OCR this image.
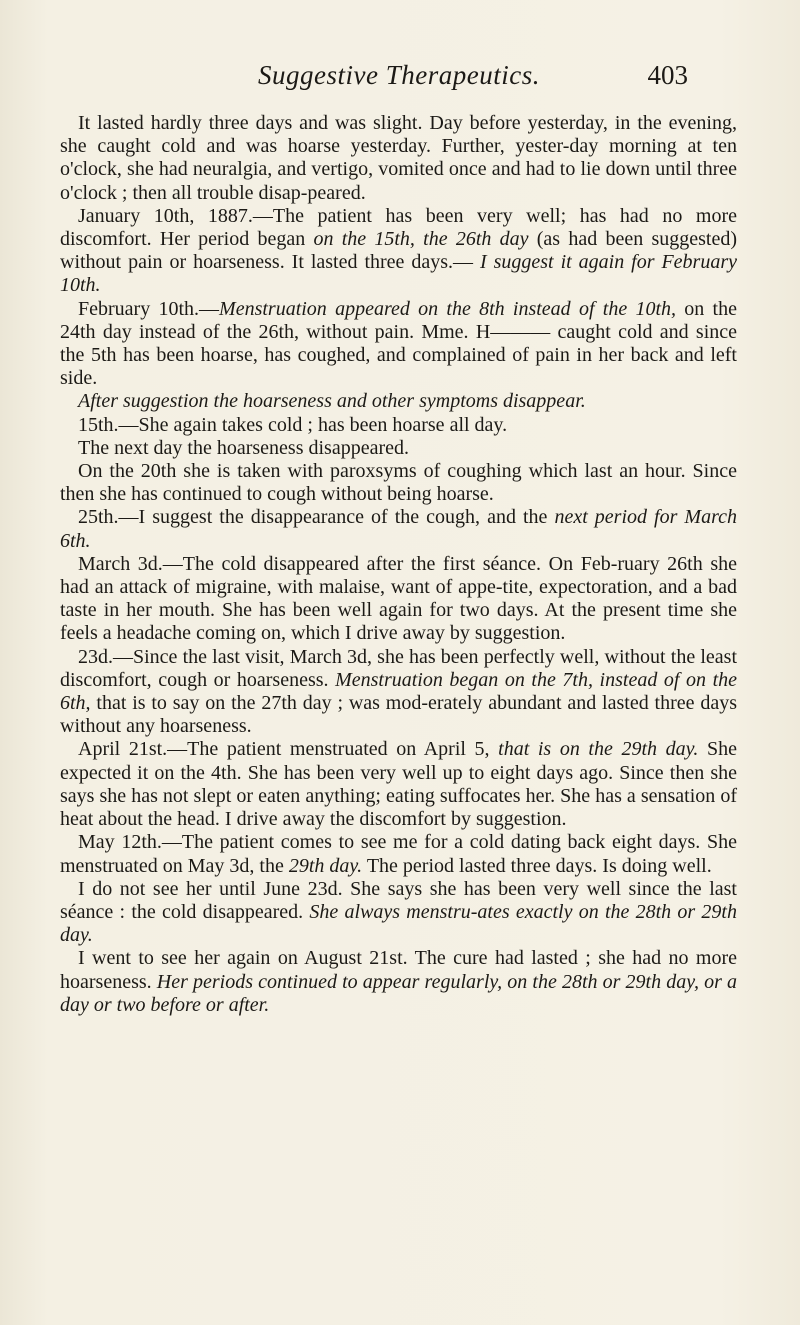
Suggestive Therapeutics.	403

It lasted hardly three days and was slight. Day before yesterday, in the evening, she caught cold and was hoarse yesterday. Further, yester-day morning at ten o'clock, she had neuralgia, and vertigo, vomited once and had to lie down until three o'clock ; then all trouble disap-peared.

January 10th, 1887.—The patient has been very well; has had no more discomfort. Her period began on the 15th, the 26th day (as had been suggested) without pain or hoarseness. It lasted three days.— I suggest it again for February 10th.

February 10th.—Menstruation appeared on the 8th instead of the 10th, on the 24th day instead of the 26th, without pain. Mme. H——— caught cold and since the 5th has been hoarse, has coughed, and complained of pain in her back and left side.

After suggestion the hoarseness and other symptoms disappear.

15th.—She again takes cold ; has been hoarse all day.

The next day the hoarseness disappeared.

On the 20th she is taken with paroxsyms of coughing which last an hour. Since then she has continued to cough without being hoarse.

25th.—I suggest the disappearance of the cough, and the next period for March 6th.

March 3d.—The cold disappeared after the first séance. On Feb-ruary 26th she had an attack of migraine, with malaise, want of appe-tite, expectoration, and a bad taste in her mouth. She has been well again for two days. At the present time she feels a headache coming on, which I drive away by suggestion.

23d.—Since the last visit, March 3d, she has been perfectly well, without the least discomfort, cough or hoarseness. Menstruation began on the 7th, instead of on the 6th, that is to say on the 27th day ; was mod-erately abundant and lasted three days without any hoarseness.

April 21st.—The patient menstruated on April 5, that is on the 29th day. She expected it on the 4th. She has been very well up to eight days ago. Since then she says she has not slept or eaten anything; eating suffocates her. She has a sensation of heat about the head. I drive away the discomfort by suggestion.

May 12th.—The patient comes to see me for a cold dating back eight days. She menstruated on May 3d, the 29th day. The period lasted three days. Is doing well.

I do not see her until June 23d. She says she has been very well since the last séance : the cold disappeared. She always menstru-ates exactly on the 28th or 29th day.

I went to see her again on August 21st. The cure had lasted ; she had no more hoarseness. Her periods continued to appear regularly, on the 28th or 29th day, or a day or two before or after.
